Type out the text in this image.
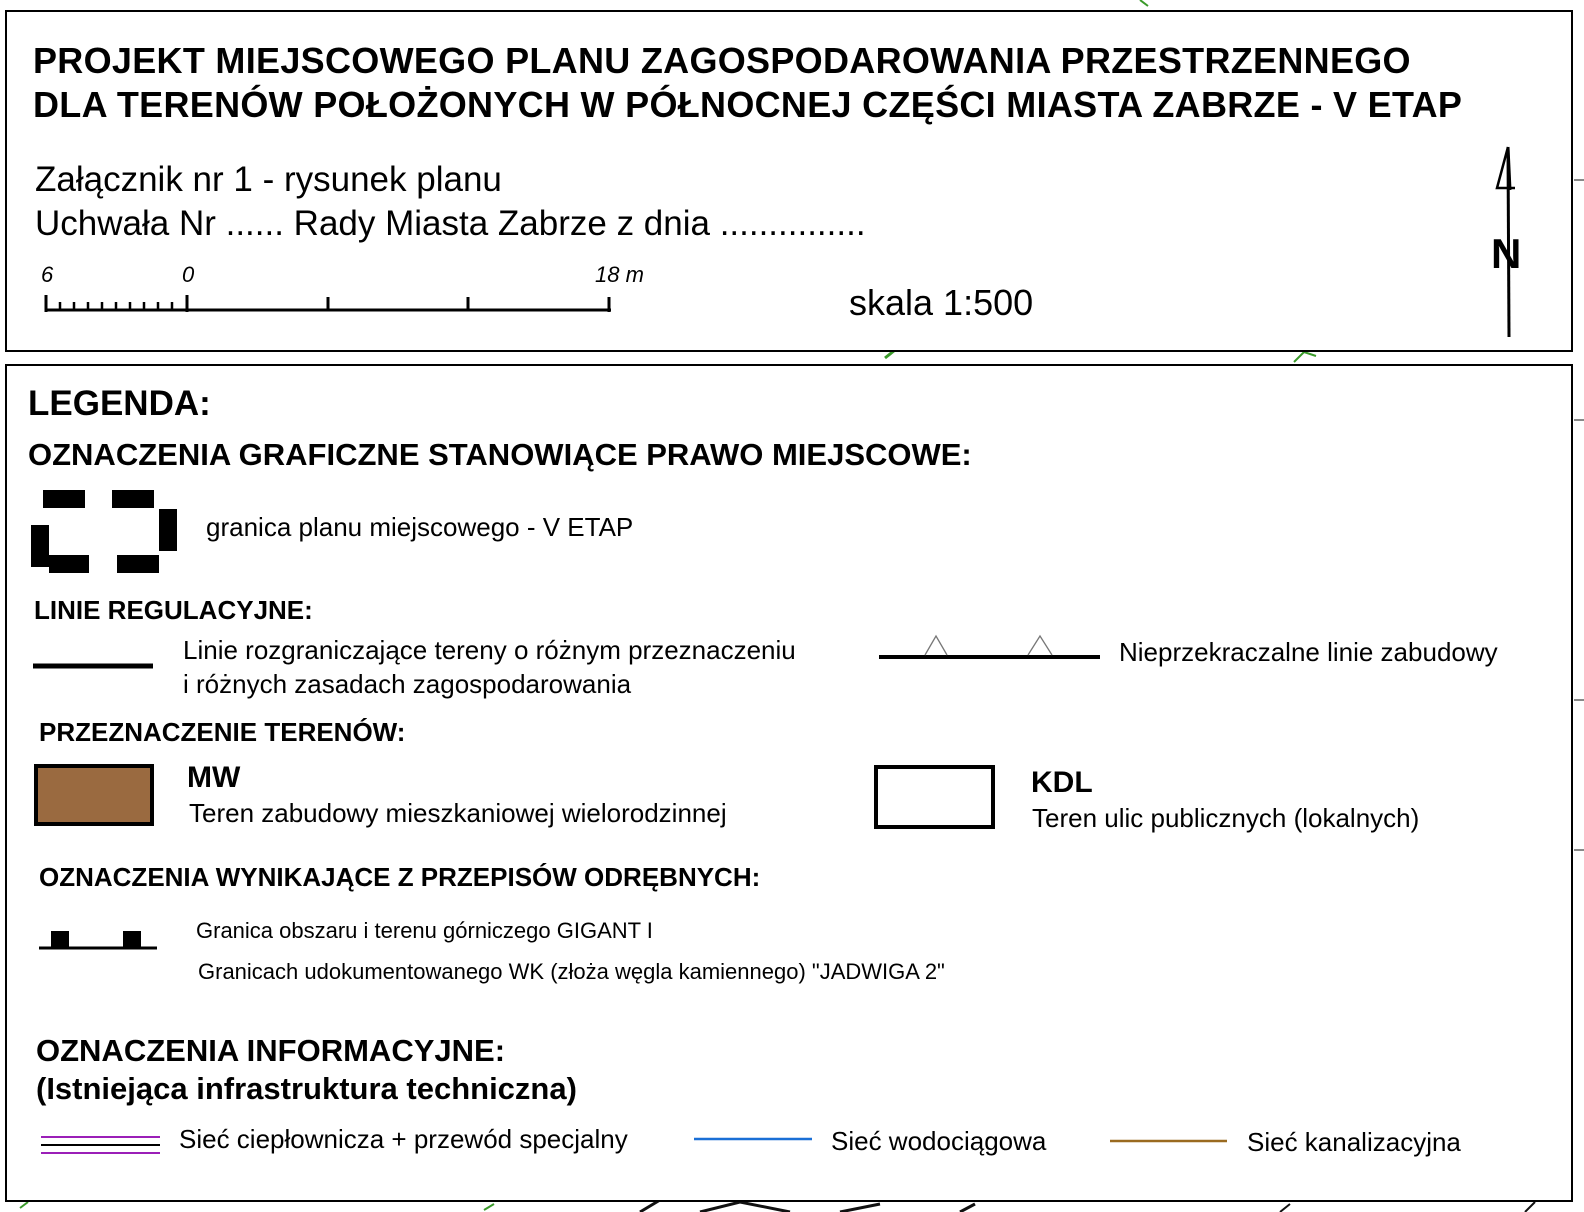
PROJEKT MIEJSCOWEGO PLANU ZAGOSPODAROWANIA PRZESTRZENNEGO
DLA TERENÓW POŁOŻONYCH W PÓŁNOCNEJ CZĘŚCI MIASTA ZABRZE - V ETAP
Załącznik nr 1 - rysunek planu
Uchwała Nr ...... Rady Miasta Zabrze z dnia ...............
6	0	18 m
skala 1:500
N
LEGENDA:
OZNACZENIA GRAFICZNE STANOWIĄCE PRAWO MIEJSCOWE:
granica planu miejscowego - V ETAP
LINIE REGULACYJNE:
Linie rozgraniczające tereny o różnym przeznaczeniu
i różnych zasadach zagospodarowania
Nieprzekraczalne linie zabudowy
PRZEZNACZENIE TERENÓW:
MW
Teren zabudowy mieszkaniowej wielorodzinnej
KDL
Teren ulic publicznych (lokalnych)
OZNACZENIA WYNIKAJĄCE Z PRZEPISÓW ODRĘBNYCH:
Granica obszaru i terenu górniczego GIGANT I
Granicach udokumentowanego WK (złoża węgla kamiennego) "JADWIGA 2"
OZNACZENIA INFORMACYJNE:
(Istniejąca infrastruktura techniczna)
Sieć ciepłownicza + przewód specjalny	Sieć wodociągowa	Sieć kanalizacyjna
